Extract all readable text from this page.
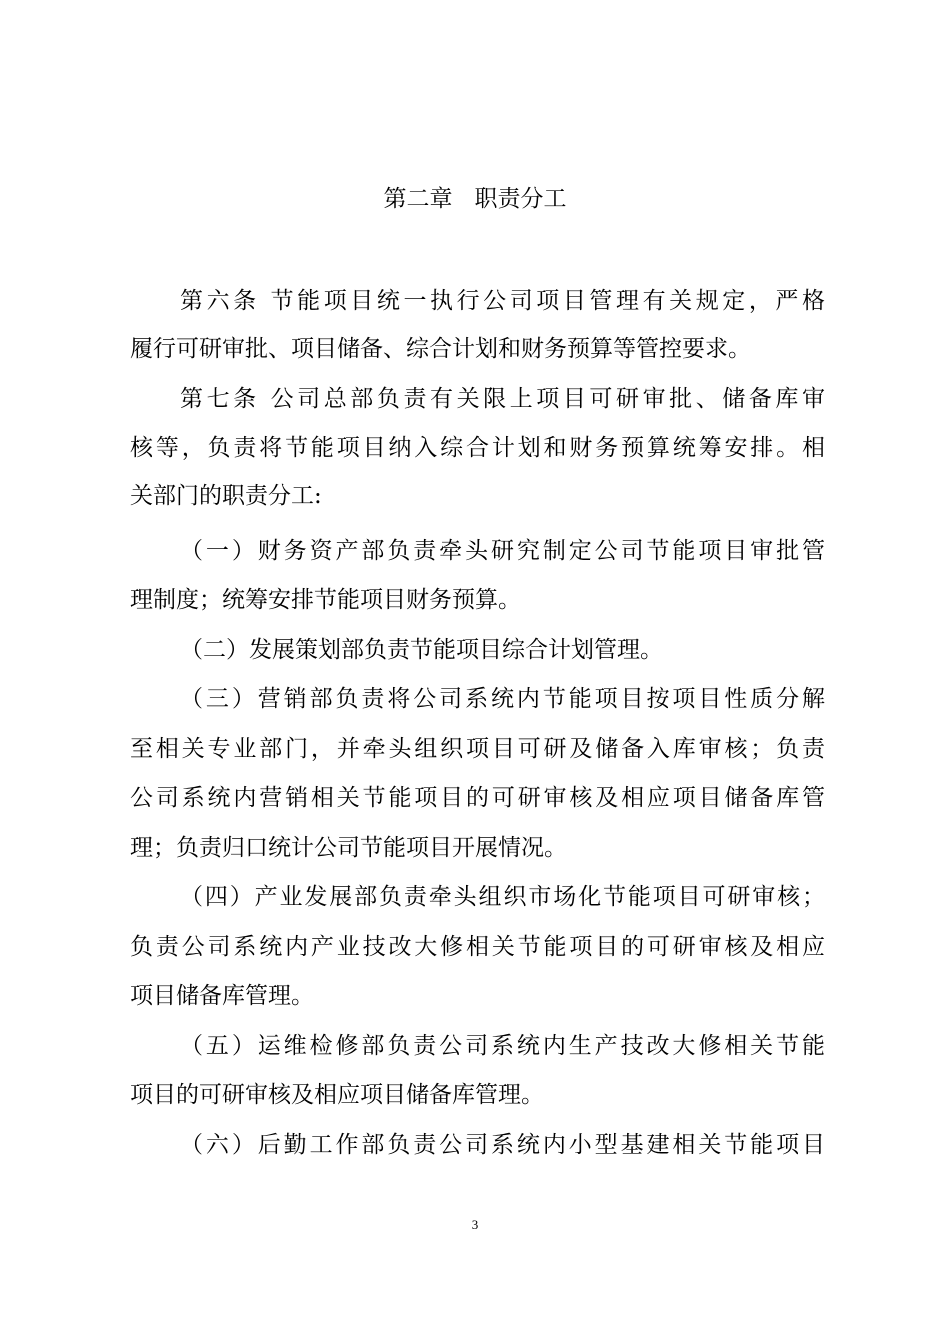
第二章   职责分工
第六条 节能项目统一执行公司项目管理有关规定，严格
履行可研审批、项目储备、综合计划和财务预算等管控要求。
第七条 公司总部负责有关限上项目可研审批、储备库审
核等，负责将节能项目纳入综合计划和财务预算统筹安排。相
关部门的职责分工:
（一）财务资产部负责牵头研究制定公司节能项目审批管
理制度；统筹安排节能项目财务预算。
（二）发展策划部负责节能项目综合计划管理。
（三）营销部负责将公司系统内节能项目按项目性质分解
至相关专业部门，并牵头组织项目可研及储备入库审核；负责
公司系统内营销相关节能项目的可研审核及相应项目储备库管
理；负责归口统计公司节能项目开展情况。
（四）产业发展部负责牵头组织市场化节能项目可研审核；
负责公司系统内产业技改大修相关节能项目的可研审核及相应
项目储备库管理。
（五）运维检修部负责公司系统内生产技改大修相关节能
项目的可研审核及相应项目储备库管理。
（六）后勤工作部负责公司系统内小型基建相关节能项目
3
